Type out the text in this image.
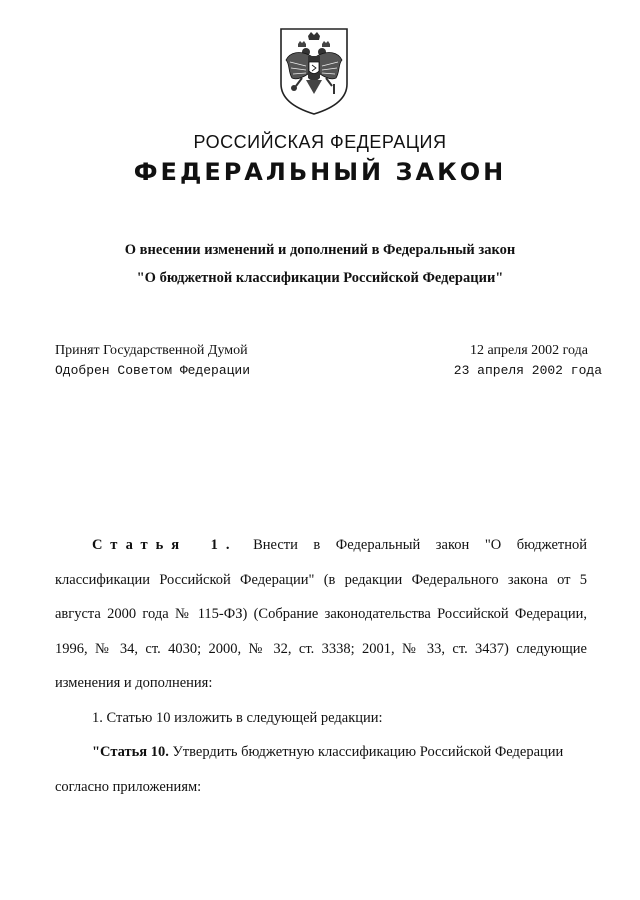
РОССИЙСКАЯ ФЕДЕРАЦИЯ
ФЕДЕРАЛЬНЫЙ ЗАКОН
О внесении изменений и дополнений в Федеральный закон
"О бюджетной классификации Российской Федерации"
Принят Государственной Думой	12 апреля 2002 года
Одобрен Советом Федерации	23 апреля 2002 года

Статья 1. Внести в Федеральный закон "О бюджетной классификации Российской Федерации" (в редакции Федерального закона от 5 августа 2000 года № 115-ФЗ) (Собрание законодательства Российской Федерации, 1996, № 34, ст. 4030; 2000, № 32, ст. 3338; 2001, № 33, ст. 3437) следующие изменения и дополнения:

1. Статью 10 изложить в следующей редакции:

"Статья 10. Утвердить бюджетную классификацию Российской Федерации согласно приложениям:
